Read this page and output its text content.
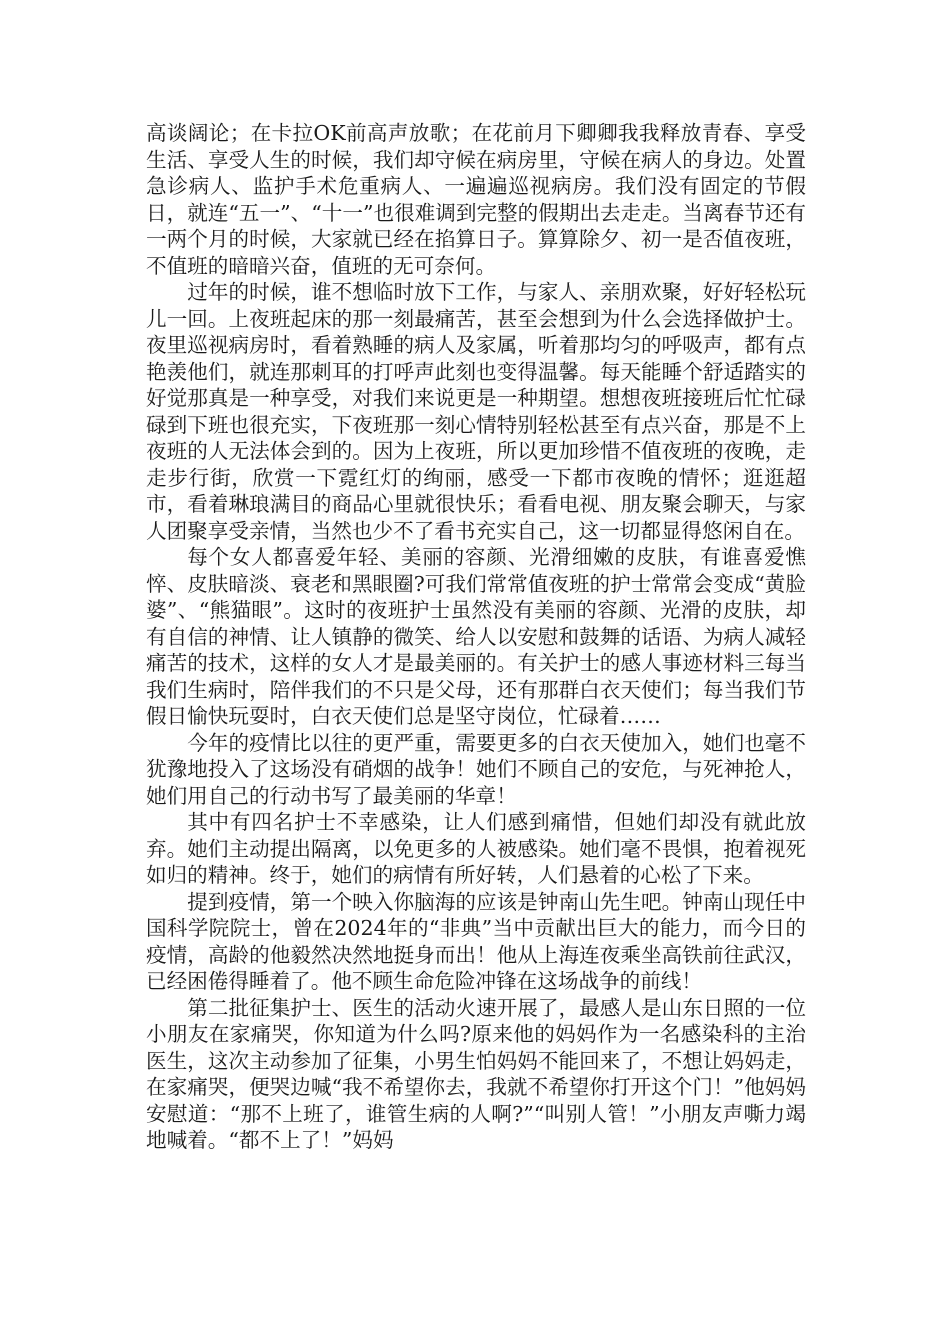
高谈阔论；在卡拉OK前高声放歌；在花前月下卿卿我我释放青春、享受生活、享受人生的时候，我们却守候在病房里，守候在病人的身边。处置急诊病人、监护手术危重病人、一遍遍巡视病房。我们没有固定的节假日，就连“五一”、“十一”也很难调到完整的假期出去走走。当离春节还有一两个月的时候，大家就已经在掐算日子。算算除夕、初一是否值夜班，不值班的暗暗兴奋，值班的无可奈何。

过年的时候，谁不想临时放下工作，与家人、亲朋欢聚，好好轻松玩儿一回。上夜班起床的那一刻最痛苦，甚至会想到为什么会选择做护士。夜里巡视病房时，看着熟睡的病人及家属，听着那均匀的呼吸声，都有点艳羡他们，就连那刺耳的打呼声此刻也变得温馨。每天能睡个舒适踏实的好觉那真是一种享受，对我们来说更是一种期望。想想夜班接班后忙忙碌碌到下班也很充实，下夜班那一刻心情特别轻松甚至有点兴奋，那是不上夜班的人无法体会到的。因为上夜班，所以更加珍惜不值夜班的夜晚，走走步行街，欣赏一下霓红灯的绚丽，感受一下都市夜晚的情怀；逛逛超市，看着琳琅满目的商品心里就很快乐；看看电视、朋友聚会聊天，与家人团聚享受亲情，当然也少不了看书充实自己，这一切都显得悠闲自在。

每个女人都喜爱年轻、美丽的容颜、光滑细嫩的皮肤，有谁喜爱憔悴、皮肤暗淡、衰老和黑眼圈?可我们常常值夜班的护士常常会变成“黄脸婆”、“熊猫眼”。这时的夜班护士虽然没有美丽的容颜、光滑的皮肤，却有自信的神情、让人镇静的微笑、给人以安慰和鼓舞的话语、为病人减轻痛苦的技术，这样的女人才是最美丽的。有关护士的感人事迹材料三每当我们生病时，陪伴我们的不只是父母，还有那群白衣天使们；每当我们节假日愉快玩耍时，白衣天使们总是坚守岗位，忙碌着……

今年的疫情比以往的更严重，需要更多的白衣天使加入，她们也毫不犹豫地投入了这场没有硝烟的战争！她们不顾自己的安危，与死神抢人，她们用自己的行动书写了最美丽的华章！

其中有四名护士不幸感染，让人们感到痛惜，但她们却没有就此放弃。她们主动提出隔离，以免更多的人被感染。她们毫不畏惧，抱着视死如归的精神。终于，她们的病情有所好转，人们悬着的心松了下来。

提到疫情，第一个映入你脑海的应该是钟南山先生吧。钟南山现任中国科学院院士，曾在2024年的“非典”当中贡献出巨大的能力，而今日的疫情，高龄的他毅然决然地挺身而出！他从上海连夜乘坐高铁前往武汉，已经困倦得睡着了。他不顾生命危险冲锋在这场战争的前线！

第二批征集护士、医生的活动火速开展了，最感人是山东日照的一位小朋友在家痛哭，你知道为什么吗?原来他的妈妈作为一名感染科的主治医生，这次主动参加了征集，小男生怕妈妈不能回来了，不想让妈妈走，在家痛哭，便哭边喊“我不希望你去，我就不希望你打开这个门！”他妈妈安慰道：“那不上班了，谁管生病的人啊?”“叫别人管！”小朋友声嘶力竭地喊着。“都不上了！”妈妈
